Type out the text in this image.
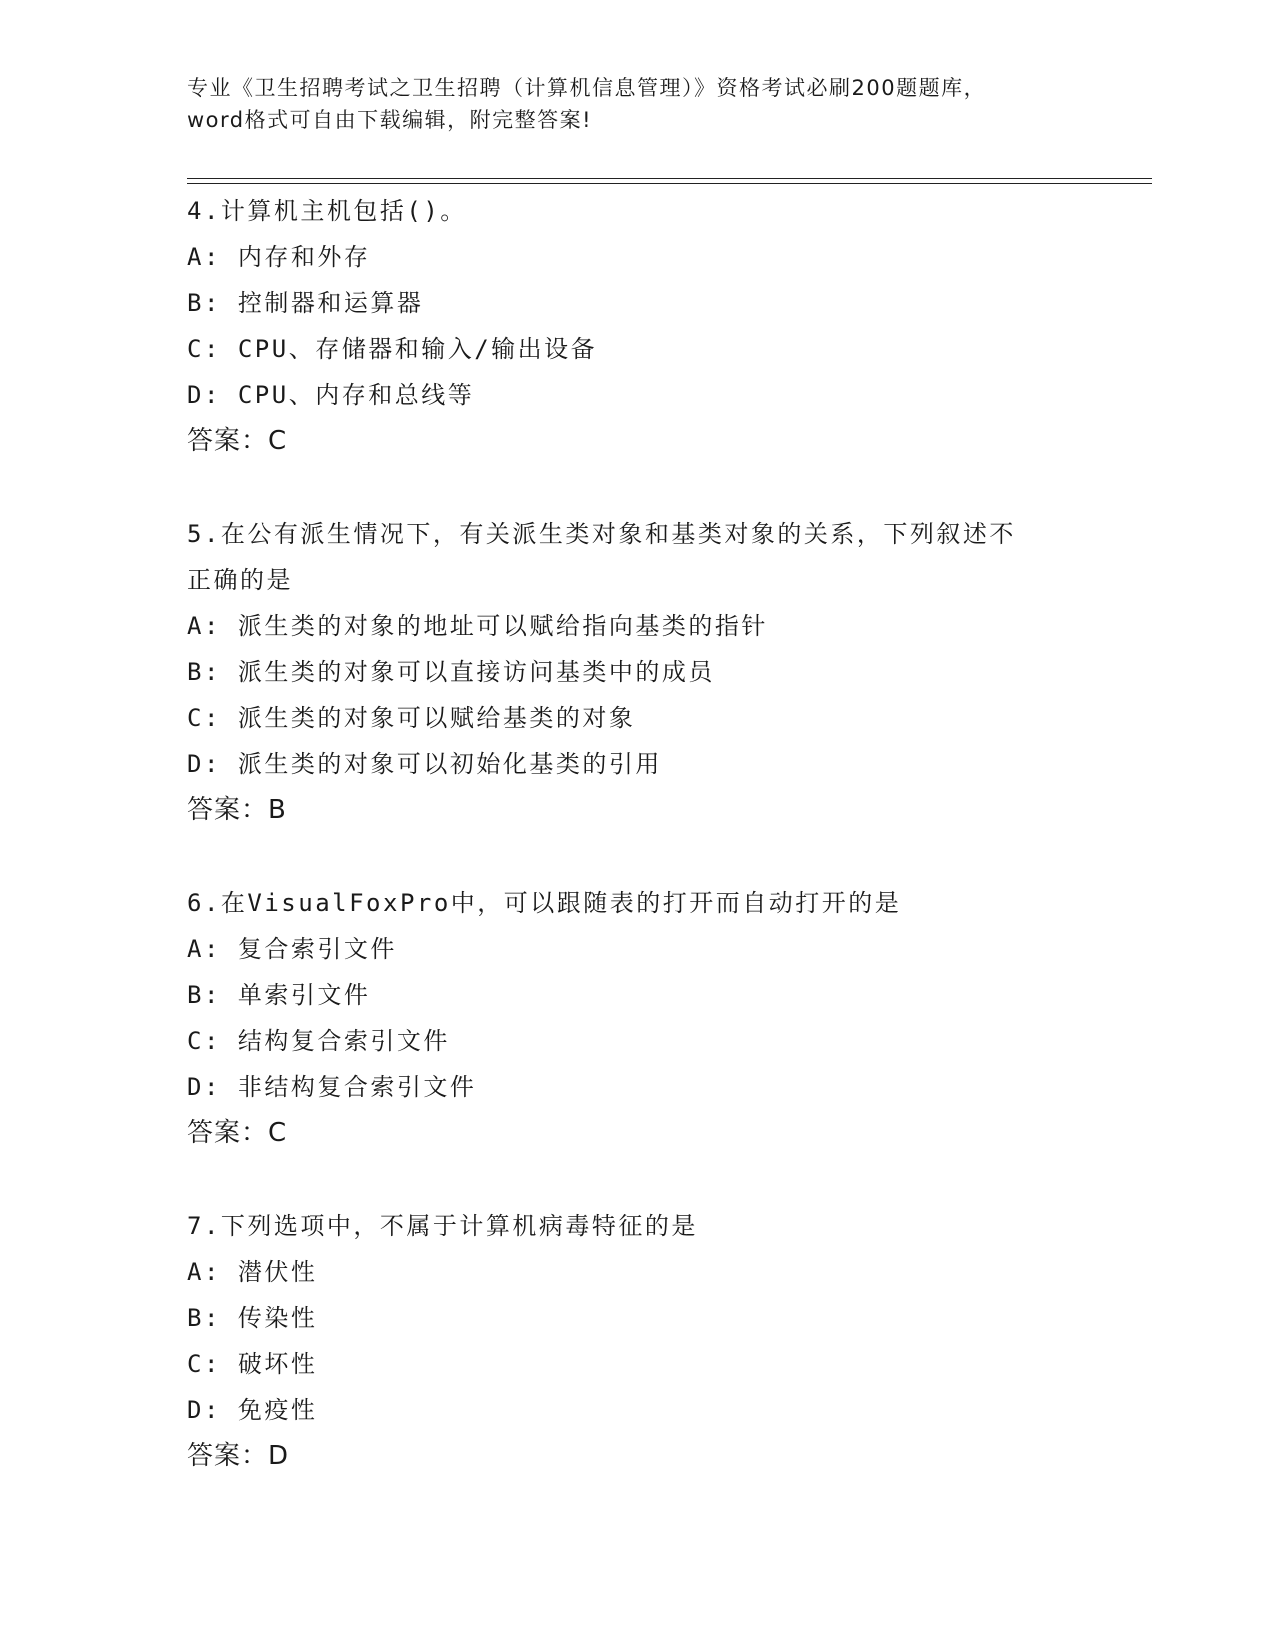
专业《卫生招聘考试之卫生招聘（计算机信息管理）》资格考试必刷200题题库，
word格式可自由下载编辑，附完整答案!
4.计算机主机包括()。
A: 内存和外存
B: 控制器和运算器
C: CPU、存储器和输入/输出设备
D: CPU、内存和总线等
答案：C
5.在公有派生情况下，有关派生类对象和基类对象的关系，下列叙述不正确的是
A: 派生类的对象的地址可以赋给指向基类的指针
B: 派生类的对象可以直接访问基类中的成员
C: 派生类的对象可以赋给基类的对象
D: 派生类的对象可以初始化基类的引用
答案：B
6.在VisualFoxPro中，可以跟随表的打开而自动打开的是
A: 复合索引文件
B: 单索引文件
C: 结构复合索引文件
D: 非结构复合索引文件
答案：C
7.下列选项中，不属于计算机病毒特征的是
A: 潜伏性
B: 传染性
C: 破坏性
D: 免疫性
答案：D
